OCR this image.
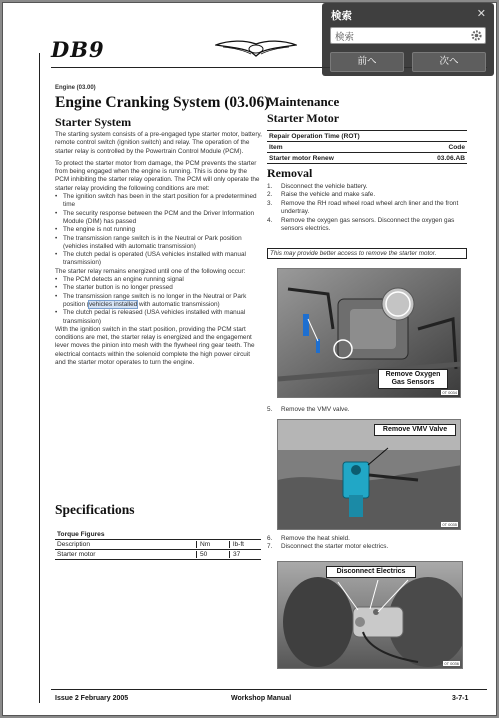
DB9
Engine (03.00)
Engine Cranking System (03.06)
Maintenance
Starter System

The starting system consists of a pre-engaged type starter motor, battery, remote control switch (ignition switch) and relay. The operation of the starter relay is controlled by the Powertrain Control Module (PCM).

To protect the starter motor from damage, the PCM prevents the starter from being engaged when the engine is running. This is done by the PCM inhibiting the starter relay operation. The PCM will only operate the starter relay providing the following conditions are met:

• The ignition switch has been in the start position for a predetermined time
• The security response between the PCM and the Driver Information Module (DIM) has passed
• The engine is not running
• The transmission range switch is in the Neutral or Park position (vehicles installed with automatic transmission)
• The clutch pedal is operated (USA vehicles installed with manual transmission)

The starter relay remains energized until one of the following occur:

• The PCM detects an engine running signal
• The starter button is no longer pressed
• The transmission range switch is no longer in the Neutral or Park position (vehicles installed with automatic transmission)
• The clutch pedal is released (USA vehicles installed with manual transmission)

With the ignition switch in the start position, providing the PCM start conditions are met, the starter relay is energized and the engagement lever moves the pinion into mesh with the flywheel ring gear teeth. The electrical contacts within the solenoid complete the high power circuit and the starter motor operates to turn the engine.

Specifications
Torque Figures
Description	Nm	lb-ft
Starter motor	50	37
Starter Motor
Repair Operation Time (ROT)
Item	Code
Starter motor Renew	03.06.AB
Removal
1.	Disconnect the vehicle battery.
2.	Raise the vehicle and make safe.
3.	Remove the RH road wheel road wheel arch liner and the front undertray.
4.	Remove the oxygen gas sensors. Disconnect the oxygen gas sensors electrics.
This may provide better access to remove the starter motor.
Remove Oxygen Gas Sensors
0T 0034
5.	Remove the VMV valve.
Remove VMV Valve
0T 0035
6.	Remove the heat shield.
7.	Disconnect the starter motor electrics.
Disconnect Electrics
0T 0036
Issue 2 February 2005	Workshop Manual	3-7-1
検索	✕
検索
前へ	次へ
